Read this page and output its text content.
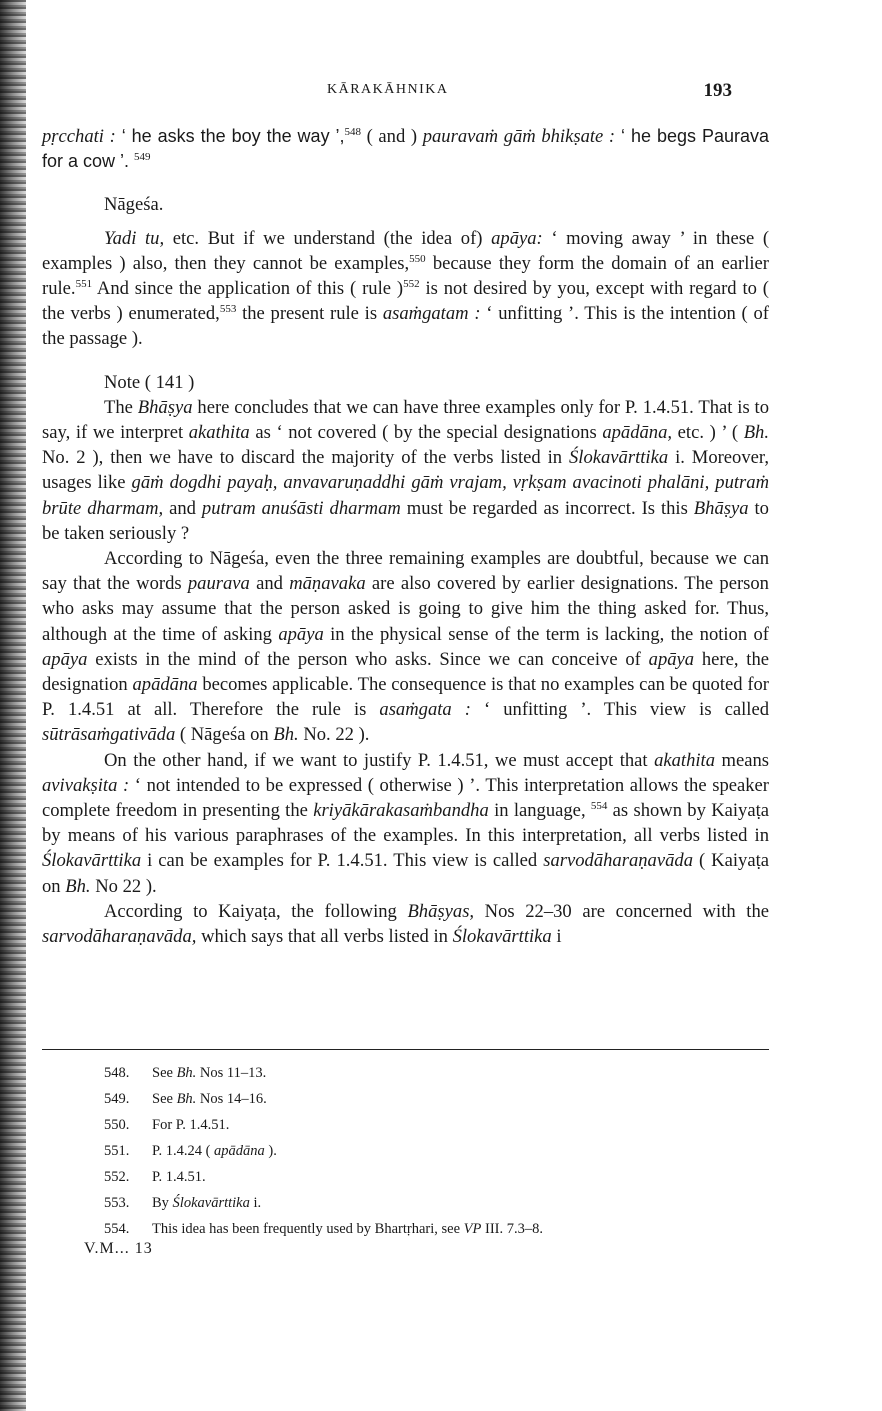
KĀRAKĀHNIKA	193

pṛcchati : ‘ he asks the boy the way ’,$^{548}$ ( and ) pauravaṁ gāṁ bhikṣate : ‘ he begs Paurava for a cow ’. $^{549}$

Nāgeśa.

Yadi tu, etc. But if we understand (the idea of) apāya: ‘ moving away ’ in these ( examples ) also, then they cannot be examples,$^{550}$ because they form the domain of an earlier rule.$^{551}$ And since the application of this ( rule )$^{552}$ is not desired by you, except with regard to ( the verbs ) enumerated,$^{553}$ the present rule is asaṁgatam : ‘ unfitting ’. This is the intention ( of the passage ).

Note ( 141 )

The Bhāṣya here concludes that we can have three examples only for P. 1.4.51. That is to say, if we interpret akathita as ‘ not covered ( by the special designations apādāna, etc. ) ’ ( Bh. No. 2 ), then we have to discard the majority of the verbs listed in Ślokavārttika i. Moreover, usages like gāṁ dogdhi payaḥ, anvavaruṇaddhi gāṁ vrajam, vṛkṣam avacinoti phalāni, putraṁ brūte dharmam, and putram anuśāsti dharmam must be regarded as incorrect. Is this Bhāṣya to be taken seriously ?

According to Nāgeśa, even the three remaining examples are doubtful, because we can say that the words paurava and māṇavaka are also covered by earlier designations. The person who asks may assume that the person asked is going to give him the thing asked for. Thus, although at the time of asking apāya in the physical sense of the term is lacking, the notion of apāya exists in the mind of the person who asks. Since we can conceive of apāya here, the designation apādāna becomes applicable. The consequence is that no examples can be quoted for P. 1.4.51 at all. Therefore the rule is asaṁgata : ‘ unfitting ’. This view is called sūtrāsaṁgativāda ( Nāgeśa on Bh. No. 22 ).

On the other hand, if we want to justify P. 1.4.51, we must accept that akathita means avivakṣita : ‘ not intended to be expressed ( otherwise ) ’. This interpretation allows the speaker complete freedom in presenting the kriyākārakasaṁbandha in language, $^{554}$ as shown by Kaiyaṭa by means of his various paraphrases of the examples. In this interpretation, all verbs listed in Ślokavārttika i can be examples for P. 1.4.51. This view is called sarvodāharaṇavāda ( Kaiyaṭa on Bh. No 22 ).

According to Kaiyaṭa, the following Bhāṣyas, Nos 22–30 are concerned with the sarvodāharaṇavāda, which says that all verbs listed in Ślokavārttika i

548. See Bh. Nos 11–13.
549. See Bh. Nos 14–16.
550. For P. 1.4.51.
551. P. 1.4.24 ( apādāna ).
552. P. 1.4.51.
553. By Ślokavārttika i.
554. This idea has been frequently used by Bhartṛhari, see VP III. 7.3–8.
V.M... 13
